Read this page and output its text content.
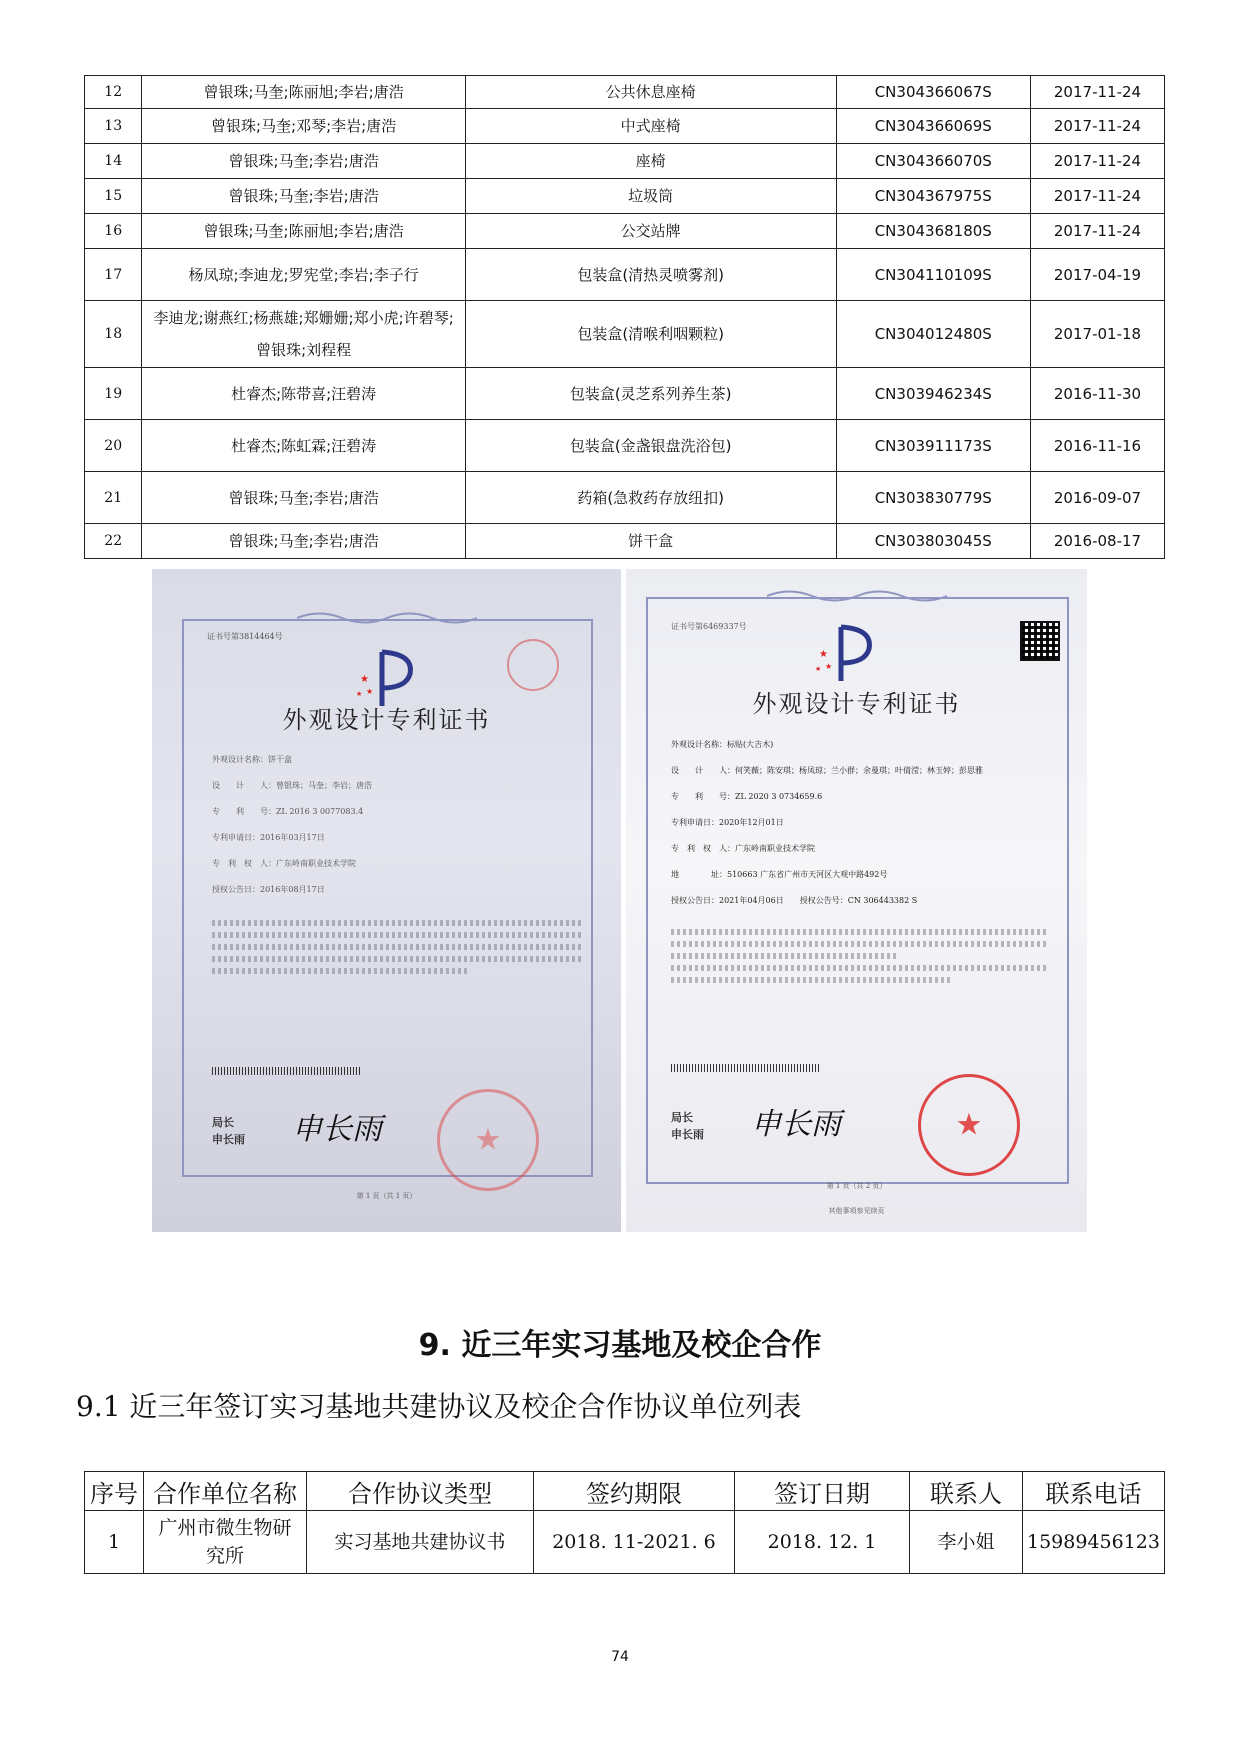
12	曾银珠;马奎;陈丽旭;李岩;唐浩	公共休息座椅	CN304366067S	2017-11-24
13	曾银珠;马奎;邓琴;李岩;唐浩	中式座椅	CN304366069S	2017-11-24
14	曾银珠;马奎;李岩;唐浩	座椅	CN304366070S	2017-11-24
15	曾银珠;马奎;李岩;唐浩	垃圾筒	CN304367975S	2017-11-24
16	曾银珠;马奎;陈丽旭;李岩;唐浩	公交站牌	CN304368180S	2017-11-24
17	杨凤琼;李迪龙;罗宪堂;李岩;李子行	包装盒(清热灵喷雾剂)	CN304110109S	2017-04-19
18	李迪龙;谢燕红;杨燕雄;郑姗姗;郑小虎;许碧琴;曾银珠;刘程程	包装盒(清喉利咽颗粒)	CN304012480S	2017-01-18
19	杜睿杰;陈带喜;汪碧涛	包装盒(灵芝系列养生茶)	CN303946234S	2016-11-30
20	杜睿杰;陈虹霖;汪碧涛	包装盒(金盏银盘洗浴包)	CN303911173S	2016-11-16
21	曾银珠;马奎;李岩;唐浩	药箱(急救药存放纽扣)	CN303830779S	2016-09-07
22	曾银珠;马奎;李岩;唐浩	饼干盒	CN303803045S	2016-08-17
证书号第3814464号
★
★
★
外观设计专利证书
外观设计名称：饼干盒
设　　计　　人：曾银珠；马奎；李岩；唐浩
专　　利　　号：ZL 2016 3 0077083.4
专利申请日：2016年03月17日
专　利　权　人：广东岭南职业技术学院
授权公告日：2016年08月17日
局长
申长雨 申长雨	★
第 1 页（共 1 页）
证书号第6469337号
★
★
★
外观设计专利证书
外观设计名称：标贴(大吉木)
设　　计　　人：何笑薇；陈安琪；杨凤琼；兰小群；余曼琪；叶倩滢；林玉婷；彭思雅
专　　利　　号：ZL 2020 3 0734659.6
专利申请日：2020年12月01日
专　利　权　人：广东岭南职业技术学院
地　　　　址：510663 广东省广州市天河区大观中路492号
授权公告日：2021年04月06日　　授权公告号：CN 306443382 S
局长
申长雨 申长雨	★
第 1 页（共 2 页）
其他事项参见续页
9. 近三年实习基地及校企合作
9.1 近三年签订实习基地共建协议及校企合作协议单位列表
序号	合作单位名称	合作协议类型	签约期限	签订日期	联系人	联系电话
1	广州市微生物研究所	实习基地共建协议书	2018. 11-2021. 6	2018. 12. 1	李小姐	15989456123
74
